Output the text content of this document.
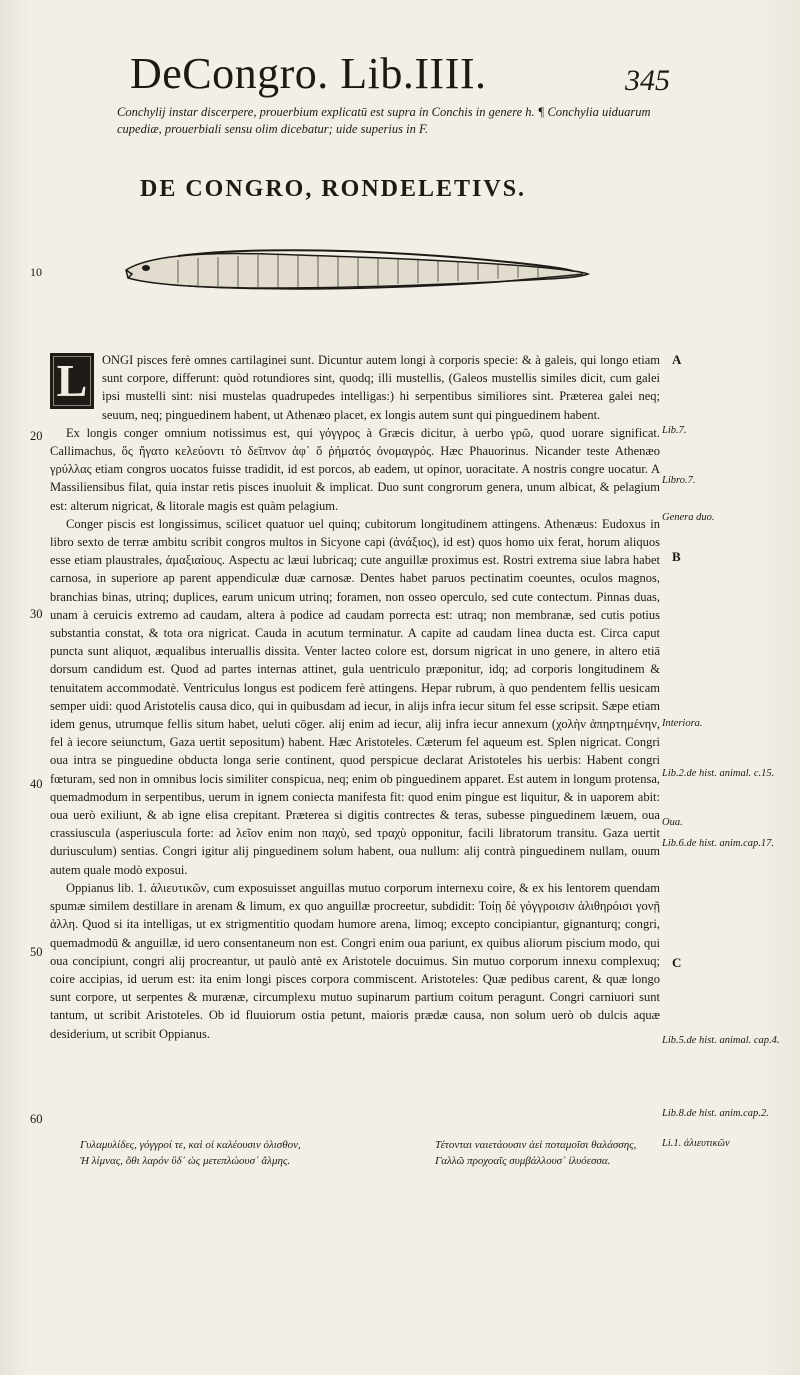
DeCongro. Lib.IIII.	345
Conchylij instar discerpere, prouerbium explicatū est supra in Conchis in genere h. ¶ Conchylia uiduarum cupediæ, prouerbiali sensu olim dicebatur; uide superius in F.
DE CONGRO, RONDELETIVS.
10

L	ONGI pisces ferè omnes cartilaginei sunt. Dicuntur autem longi à corporis specie: & à galeis, qui longo etiam sunt corpore, differunt: quòd rotundiores sint, quodq; illi mustellis, (Galeos mustellis similes dicit, cum galei ipsi mustelli sint: nisi mustelas quadrupedes intelligas:) hi serpentibus similiores sint. Præterea galei neq; seuum, neq; pinguedinem habent, ut Athenæo placet, ex longis autem sunt qui pinguedinem habent.

Ex longis conger omnium notissimus est, qui γόγγρος à Græcis dicitur, à uerbo γρῶ, quod uorare significat. Callimachus, ὅς ἤγατο κελεύοντι τὸ δεῖπνον ἀφ᾽ ὅ ῥήματός ὀνομαγρός. Hæc Phauorinus. Nicander teste Athenæo γρύλλας etiam congros uocatos fuisse tradidit, id est porcos, ab eadem, ut opinor, uoracitate. A nostris congre uocatur. A Massiliensibus filat, quia instar retis pisces inuoluit & implicat. Duo sunt congrorum genera, unum albicat, & pelagium est: alterum nigricat, & litorale magis est quàm pelagium.

Conger piscis est longissimus, scilicet quatuor uel quinq; cubitorum longitudinem attingens. Athenæus: Eudoxus in libro sexto de terræ ambitu scribit congros multos in Sicyone capi (ἀνάξιος), id est) quos homo uix ferat, horum aliquos esse etiam plaustrales, ἁμαξιαίους. Aspectu ac læui lubricaq; cute anguillæ proximus est. Rostri extrema siue labra habet carnosa, in superiore ap parent appendiculæ duæ carnosæ. Dentes habet paruos pectinatim coeuntes, oculos magnos, branchias binas, utrinq; duplices, earum unicum utrinq; foramen, non osseo operculo, sed cute contectum. Pinnas duas, unam à ceruicis extremo ad caudam, altera à podice ad caudam porrecta est: utraq; non membranæ, sed cutis potius substantia constat, & tota ora nigricat. Cauda in acutum terminatur. A capite ad caudam linea ducta est. Circa caput puncta sunt aliquot, æqualibus interuallis dissita. Venter lacteo colore est, dorsum nigricat in uno genere, in altero etiā dorsum candidum est. Quod ad partes internas attinet, gula uentriculo præponitur, idq; ad corporis longitudinem & tenuitatem accommodatè. Ventriculus longus est podicem ferè attingens. Hepar rubrum, à quo pendentem fellis uesicam semper uidi: quod Aristotelis causa dico, qui in quibusdam ad iecur, in alijs infra iecur situm fel esse scripsit. Sæpe etiam idem genus, utrumque fellis situm habet, ueluti cōger. alij enim ad iecur, alij infra iecur annexum (χολὴν ἀπηρτημένην, fel à iecore seiunctum, Gaza uertit sepositum) habent. Hæc Aristoteles. Cæterum fel aqueum est. Splen nigricat. Congri oua intra se pinguedine obducta longa serie continent, quod perspicue declarat Aristoteles his uerbis: Habent congri fœturam, sed non in omnibus locis similiter conspicua, neq; enim ob pinguedinem apparet. Est autem in longum protensa, quemadmodum in serpentibus, uerum in ignem coniecta manifesta fit: quod enim pingue est liquitur, & in uaporem abit: oua uerò exiliunt, & ab igne elisa crepitant. Præterea si digitis contrectes & teras, subesse pinguedinem læuem, oua crassiuscula (asperiuscula forte: ad λεῖον enim non παχὺ, sed τραχὺ opponitur, facili libratorum transitu. Gaza uertit duriusculum) sentias. Congri igitur alij pinguedinem solum habent, oua nullum: alij contrà pinguedinem nullam, ouum autem quale modò exposui.

Oppianus lib. 1. ἁλιευτικῶν, cum exposuisset anguillas mutuo corporum internexu coire, & ex his lentorem quendam spumæ similem destillare in arenam & limum, ex quo anguillæ procreetur, subdidit: Τοίῃ δὲ γόγγροισιν ἁλιθηρόισι γονῇ ἀλλη. Quod si ita intelligas, ut ex strigmentitio quodam humore arena, limoq; excepto concipiantur, gignanturq; congri, quemadmodū & anguillæ, id uero consentaneum non est. Congri enim oua pariunt, ex quibus aliorum piscium modo, qui oua concipiunt, congri alij procreantur, ut paulò antè ex Aristotele docuimus. Sin mutuo corporum innexu complexuq; coire accipias, id uerum est: ita enim longi pisces corpora commiscent. Aristoteles: Quæ pedibus carent, & quæ longo sunt corpore, ut serpentes & murænæ, circumplexu mutuo supinarum partium coitum peragunt. Congri carniuori sunt tantum, ut scribit Aristoteles. Ob id fluuiorum ostia petunt, maioris prædæ causa, non solum uerò ob dulcis aquæ desiderium, ut scribit Oppianus.

A
Lib.7.
Libro.7.
Genera duo.
B
Interiora.
Lib.2.de hist. animal. c.15.
Oua.
Lib.6.de hist. anim.cap.17.
C
Lib.5.de hist. animal. cap.4.
Lib.8.de hist. anim.cap.2.
Li.1. ἁλιευτικῶν
20
30
40
50
60
Γυλαμυλίδες, γόγγροί τε, καὶ οἱ καλέουσιν ὀλισθον,
Ἠ λίμνας, ὅθι λαρόν ὕδ᾽ ὡς μετεπλώουσ᾽ ἄλμης.
Τέτονται ναιετάουσιν ἀεὶ ποταμοῖσι θαλάσσης,
Γαλλῶ προχοαῖς συμβάλλουσ᾽ ἰλυόεσσα.
